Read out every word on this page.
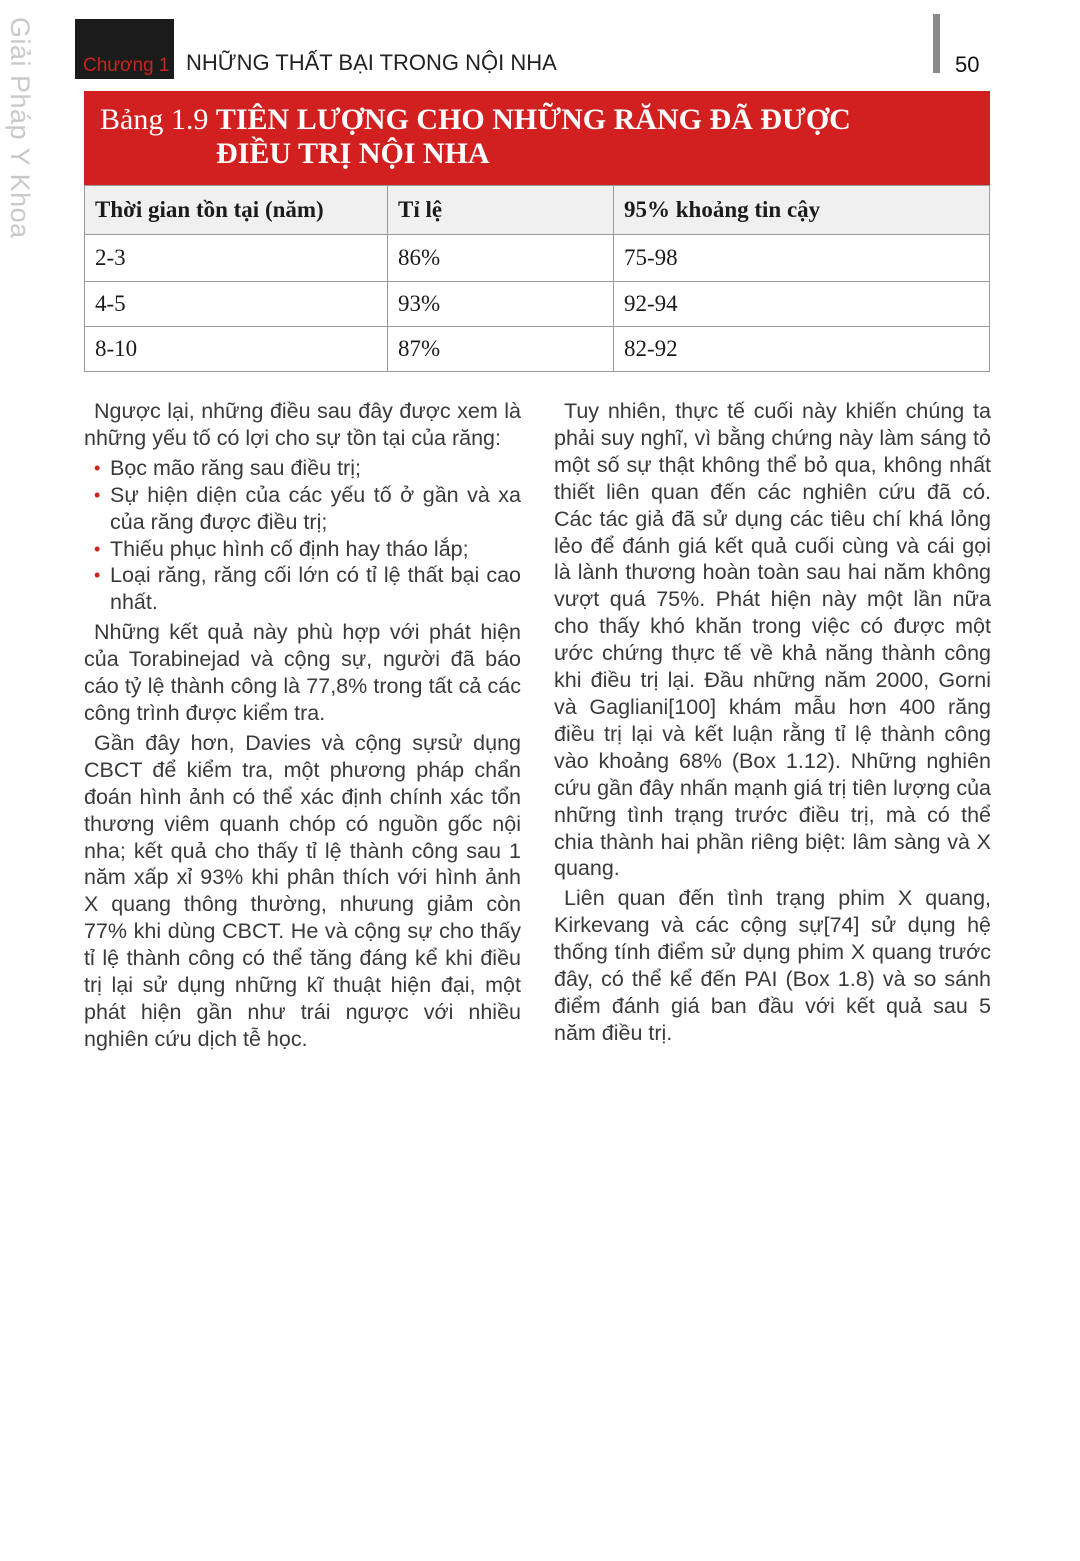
Giải Pháp Y Khoa	Chương 1 NHỮNG THẤT BẠI TRONG NỘI NHA	50
Bảng 1.9 TIÊN LƯỢNG CHO NHỮNG RĂNG ĐÃ ĐƯỢC
ĐIỀU TRỊ NỘI NHA
Thời gian tồn tại (năm)	Tỉ lệ	95% khoảng tin cậy
2-3	86%	75-98
4-5	93%	92-94
8-10	87%	82-92

Ngược lại, những điều sau đây được xem là những yếu tố có lợi cho sự tồn tại của răng:

• Bọc mão răng sau điều trị;
• Sự hiện diện của các yếu tố ở gần và xa của răng được điều trị;
• Thiếu phục hình cố định hay tháo lắp;
• Loại răng, răng cối lớn có tỉ lệ thất bại cao nhất.

Những kết quả này phù hợp với phát hiện của Torabinejad và cộng sự, người đã báo cáo tỷ lệ thành công là 77,8% trong tất cả các công trình được kiểm tra.

Gần đây hơn, Davies và cộng sựsử dụng CBCT để kiểm tra, một phương pháp chẩn đoán hình ảnh có thể xác định chính xác tổn thương viêm quanh chóp có nguồn gốc nội nha; kết quả cho thấy tỉ lệ thành công sau 1 năm xấp xỉ 93% khi phân thích với hình ảnh X quang thông thường, nhưung giảm còn 77% khi dùng CBCT. He và cộng sự cho thấy tỉ lệ thành công có thể tăng đáng kể khi điều trị lại sử dụng những kĩ thuật hiện đại, một phát hiện gần như trái ngược với nhiều nghiên cứu dịch tễ học.

Tuy nhiên, thực tế cuối này khiến chúng ta phải suy nghĩ, vì bằng chứng này làm sáng tỏ một số sự thật không thể bỏ qua, không nhất thiết liên quan đến các nghiên cứu đã có. Các tác giả đã sử dụng các tiêu chí khá lỏng lẻo để đánh giá kết quả cuối cùng và cái gọi là lành thương hoàn toàn sau hai năm không vượt quá 75%. Phát hiện này một lần nữa cho thấy khó khăn trong việc có được một ước chứng thực tế về khả năng thành công khi điều trị lại. Đầu những năm 2000, Gorni và Gagliani[100] khám mẫu hơn 400 răng điều trị lại và kết luận rằng tỉ lệ thành công vào khoảng 68% (Box 1.12). Những nghiên cứu gần đây nhấn mạnh giá trị tiên lượng của những tình trạng trước điều trị, mà có thể chia thành hai phần riêng biệt: lâm sàng và X quang.

Liên quan đến tình trạng phim X quang, Kirkevang và các cộng sự[74] sử dụng hệ thống tính điểm sử dụng phim X quang trước đây, có thể kể đến PAI (Box 1.8) và so sánh điểm đánh giá ban đầu với kết quả sau 5 năm điều trị.
